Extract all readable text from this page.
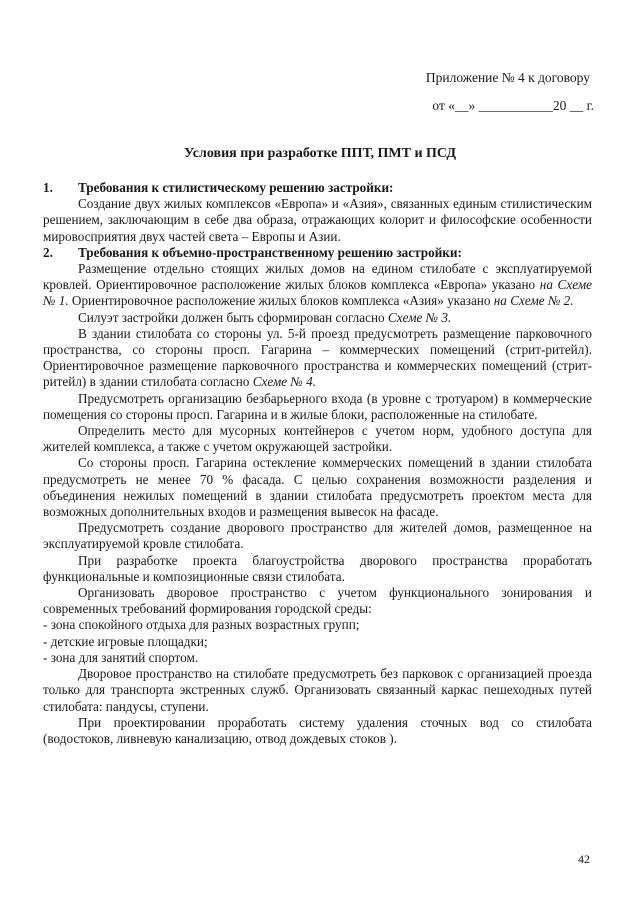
Приложение № 4 к договору
от «__» ___________20 __ г.
Условия при разработке ППТ, ПМТ и ПСД
1.	Требования к стилистическому решению застройки:

Создание двух жилых комплексов «Европа» и «Азия», связанных единым стилистическим решением, заключающим в себе два образа, отражающих колорит и философские особенности мировосприятия двух частей света – Европы и Азии.

2.	Требования к объемно-пространственному решению застройки:

Размещение отдельно стоящих жилых домов на едином стилобате с эксплуатируемой кровлей. Ориентировочное расположение жилых блоков комплекса «Европа» указано на Схеме № 1. Ориентировочное расположение жилых блоков комплекса «Азия» указано на Схеме № 2.

Силуэт застройки должен быть сформирован согласно Схеме № 3.

В здании стилобата со стороны ул. 5-й проезд предусмотреть размещение парковочного пространства, со стороны просп. Гагарина – коммерческих помещений (стрит-ритейл). Ориентировочное размещение парковочного пространства и коммерческих помещений (стрит-ритейл) в здании стилобата согласно Схеме № 4.

Предусмотреть организацию безбарьерного входа (в уровне с тротуаром) в коммерческие помещения со стороны просп. Гагарина и в жилые блоки, расположенные на стилобате.

Определить место для мусорных контейнеров с учетом норм, удобного доступа для жителей комплекса, а также с учетом окружающей застройки.

Со стороны просп. Гагарина остекление коммерческих помещений в здании стилобата предусмотреть не менее 70 % фасада. С целью сохранения возможности разделения и объединения нежилых помещений в здании стилобата предусмотреть проектом места для возможных дополнительных входов и размещения вывесок на фасаде.

Предусмотреть создание дворового пространство для жителей домов, размещенное на эксплуатируемой кровле стилобата.

При разработке проекта благоустройства дворового пространства проработать функциональные и композиционные связи стилобата.

Организовать дворовое пространство с учетом функционального зонирования и современных требований формирования городской среды:

- зона спокойного отдыха для разных возрастных групп;

- детские игровые площадки;

- зона для занятий спортом.

Дворовое пространство на стилобате предусмотреть без парковок с организацией проезда только для транспорта экстренных служб. Организовать связанный каркас пешеходных путей стилобата: пандусы, ступени.

При проектировании проработать систему удаления сточных вод со стилобата (водостоков, ливневую канализацию, отвод дождевых стоков ).

42
